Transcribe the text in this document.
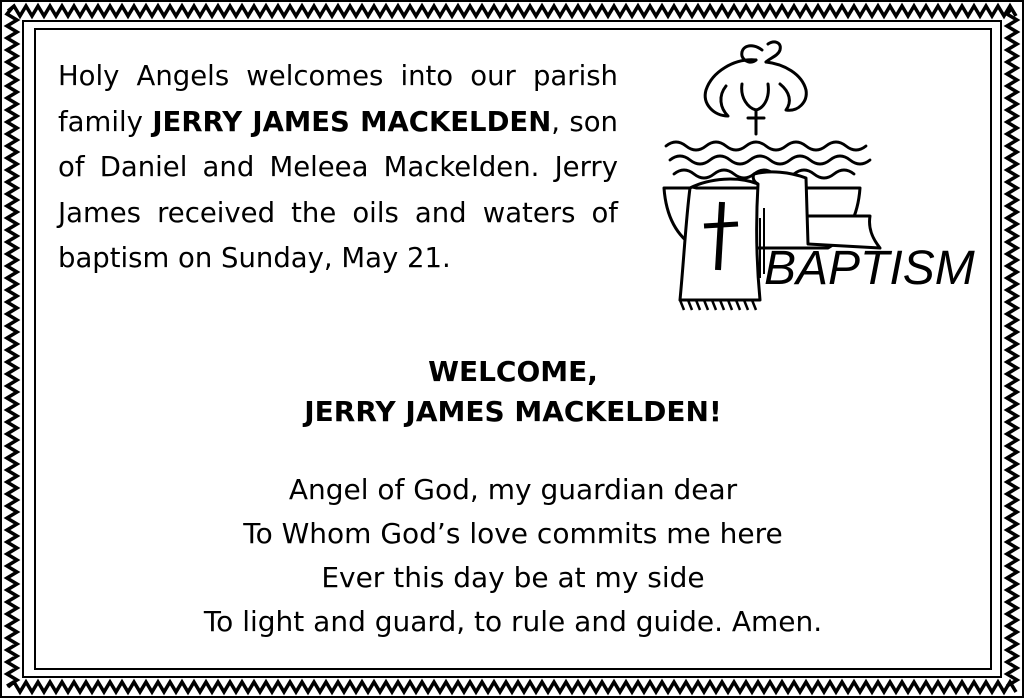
Holy Angels welcomes into our parish family JERRY JAMES MACKELDEN, son of Daniel and Meleea Mackelden. Jerry James received the oils and waters of baptism on Sunday, May 21.	BAPTISM
WELCOME,
JERRY JAMES MACKELDEN!
Angel of God, my guardian dear
To Whom God’s love commits me here
Ever this day be at my side
To light and guard, to rule and guide. Amen.
